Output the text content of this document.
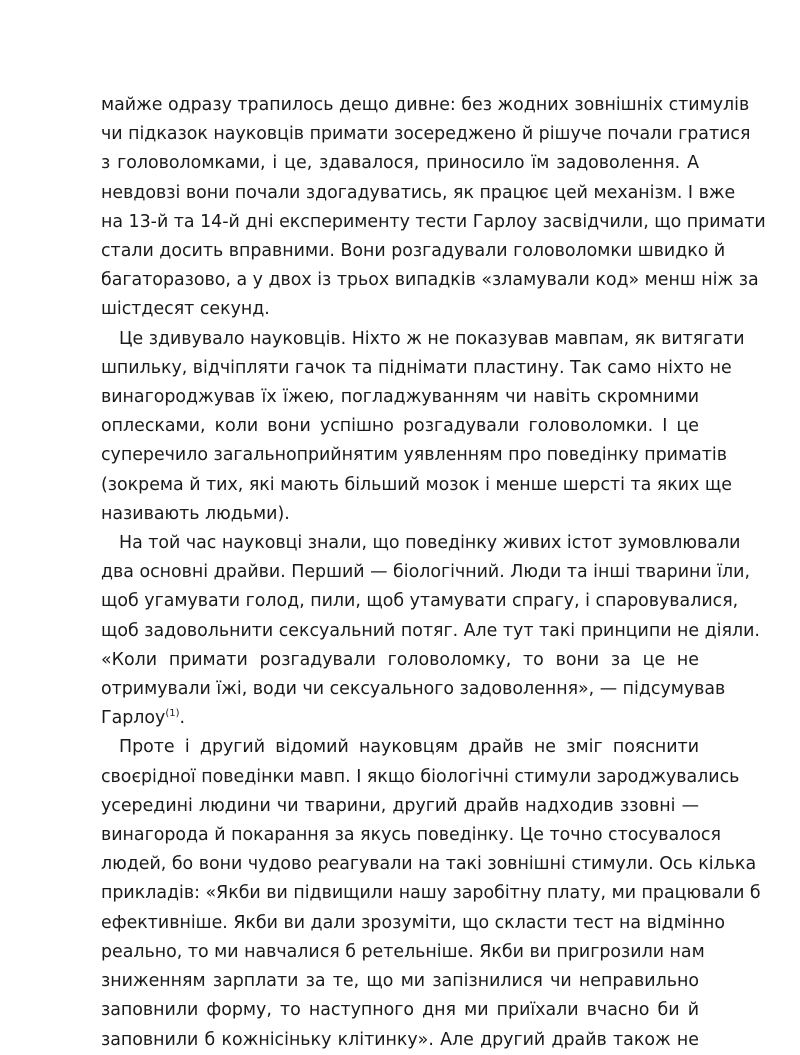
майже одразу трапилось дещо дивне: без жодних зовнішніх стимулів
чи підказок науковців примати зосереджено й рішуче почали гратися
з головоломками, і це, здавалося, приносило їм задоволення. А
невдовзі вони почали здогадуватись, як працює цей механізм. І вже
на 13-й та 14-й дні експерименту тести Гарлоу засвідчили, що примати
стали досить вправними. Вони розгадували головоломки швидко й
багаторазово, а у двох із трьох випадків «зламували код» менш ніж за
шістдесят секунд.

Це здивувало науковців. Ніхто ж не показував мавпам, як витягати
шпильку, відчіпляти гачок та піднімати пластину. Так само ніхто не
винагороджував їх їжею, погладжуванням чи навіть скромними
оплесками, коли вони успішно розгадували головоломки. І це
суперечило загальноприйнятим уявленням про поведінку приматів
(зокрема й тих, які мають більший мозок і менше шерсті та яких ще
називають людьми).

На той час науковці знали, що поведінку живих істот зумовлювали
два основні драйви. Перший — біологічний. Люди та інші тварини їли,
щоб угамувати голод, пили, щоб утамувати спрагу, і спаровувалися,
щоб задовольнити сексуальний потяг. Але тут такі принципи не діяли.
«Коли примати розгадували головоломку, то вони за це не
отримували їжі, води чи сексуального задоволення», — підсумував
Гарлоу$^{(1)}$.

Проте і другий відомий науковцям драйв не зміг пояснити
своєрідної поведінки мавп. І якщо біологічні стимули зароджувались
усередині людини чи тварини, другий драйв надходив ззовні —
винагорода й покарання за якусь поведінку. Це точно стосувалося
людей, бо вони чудово реагували на такі зовнішні стимули. Ось кілька
прикладів: «Якби ви підвищили нашу заробітну плату, ми працювали б
ефективніше. Якби ви дали зрозуміти, що скласти тест на відмінно
реально, то ми навчалися б ретельніше. Якби ви пригрозили нам
зниженням зарплати за те, що ми запізнилися чи неправильно
заповнили форму, то наступного дня ми приїхали вчасно би й
заповнили б кожнісіньку клітинку». Але другий драйв також не
